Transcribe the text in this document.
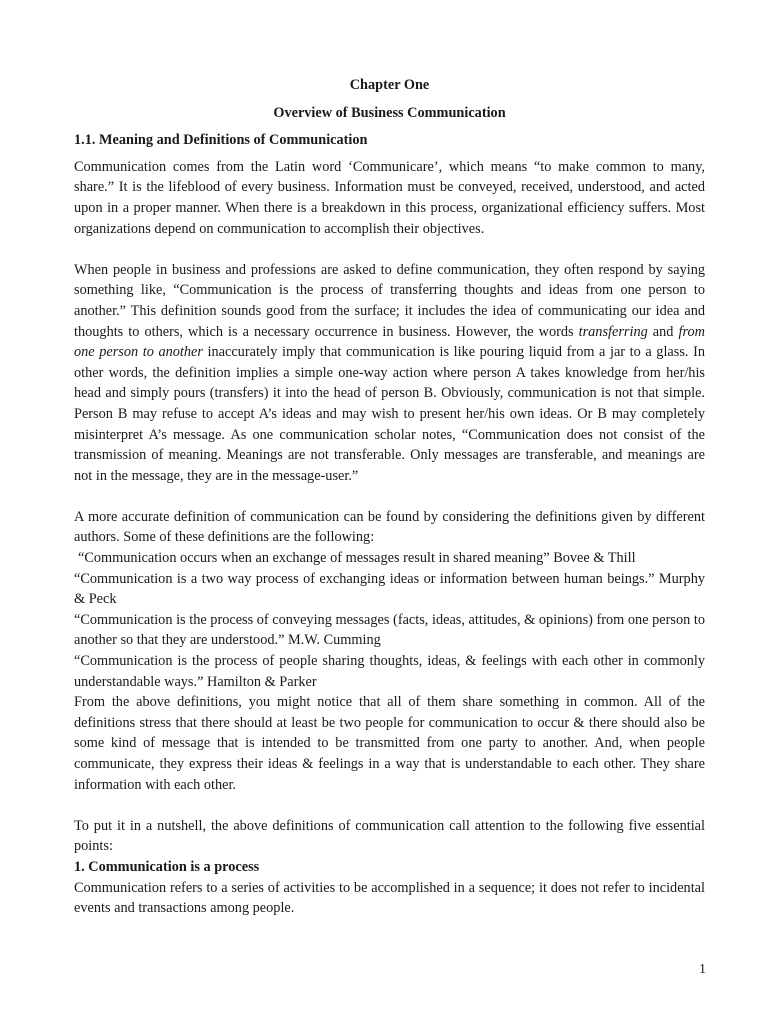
Chapter One

Overview of Business Communication

1.1. Meaning and Definitions of Communication

Communication comes from the Latin word ‘Communicare’, which means “to make common to many, share.” It is the lifeblood of every business. Information must be conveyed, received, understood, and acted upon in a proper manner. When there is a breakdown in this process, organizational efficiency suffers. Most organizations depend on communication to accomplish their objectives.

When people in business and professions are asked to define communication, they often respond by saying something like, “Communication is the process of transferring thoughts and ideas from one person to another.” This definition sounds good from the surface; it includes the idea of communicating our idea and thoughts to others, which is a necessary occurrence in business. However, the words transferring and from one person to another inaccurately imply that communication is like pouring liquid from a jar to a glass. In other words, the definition implies a simple one-way action where person A takes knowledge from her/his head and simply pours (transfers) it into the head of person B. Obviously, communication is not that simple. Person B may refuse to accept A’s ideas and may wish to present her/his own ideas. Or B may completely misinterpret A’s message. As one communication scholar notes, “Communication does not consist of the transmission of meaning. Meanings are not transferable. Only messages are transferable, and meanings are not in the message, they are in the message-user.”

A more accurate definition of communication can be found by considering the definitions given by different authors. Some of these definitions are the following:

“Communication occurs when an exchange of messages result in shared meaning” Bovee & Thill

“Communication is a two way process of exchanging ideas or information between human beings.” Murphy & Peck

“Communication is the process of conveying messages (facts, ideas, attitudes, & opinions) from one person to another so that they are understood.” M.W. Cumming

“Communication is the process of people sharing thoughts, ideas, & feelings with each other in commonly understandable ways.” Hamilton & Parker

From the above definitions, you might notice that all of them share something in common. All of the definitions stress that there should at least be two people for communication to occur & there should also be some kind of message that is intended to be transmitted from one party to another. And, when people communicate, they express their ideas & feelings in a way that is understandable to each other. They share information with each other.

To put it in a nutshell, the above definitions of communication call attention to the following five essential points:

1. Communication is a process

Communication refers to a series of activities to be accomplished in a sequence; it does not refer to incidental events and transactions among people.

1
